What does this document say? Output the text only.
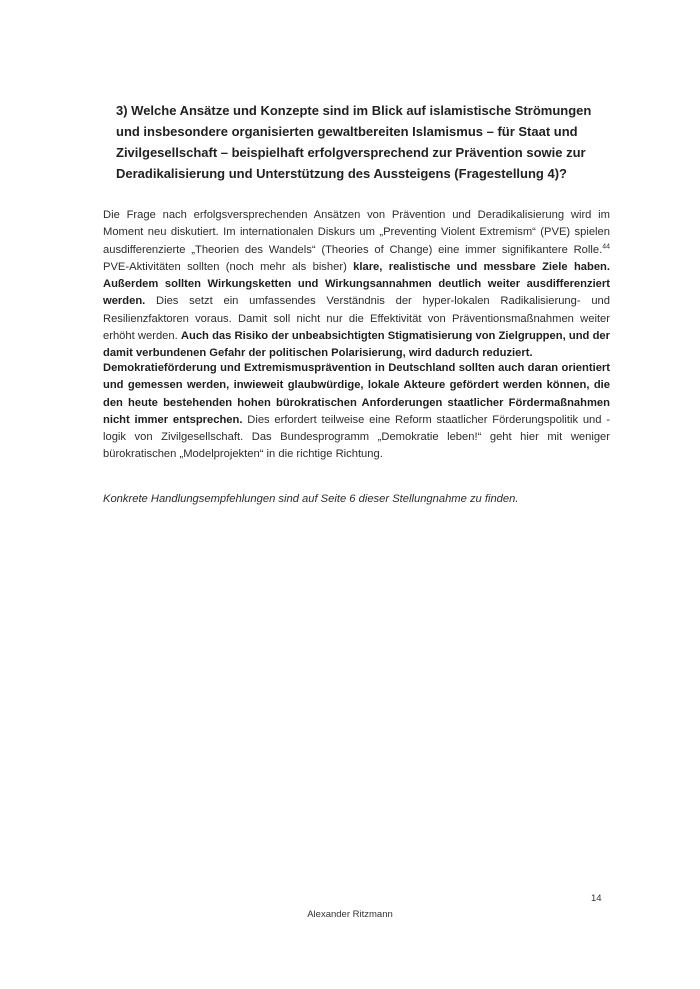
3) Welche Ansätze und Konzepte sind im Blick auf islamistische Strömungen und insbesondere organisierten gewaltbereiten Islamismus – für Staat und Zivilgesellschaft – beispielhaft erfolgversprechend zur Prävention sowie zur Deradikalisierung und Unterstützung des Aussteigens (Fragestellung 4)?

Die Frage nach erfolgsversprechenden Ansätzen von Prävention und Deradikalisierung wird im Moment neu diskutiert. Im internationalen Diskurs um „Preventing Violent Extremism“ (PVE) spielen ausdifferenzierte „Theorien des Wandels“ (Theories of Change) eine immer signifikantere Rolle.$^{44}$ PVE-Aktivitäten sollten (noch mehr als bisher) klare, realistische und messbare Ziele haben. Außerdem sollten Wirkungsketten und Wirkungsannahmen deutlich weiter ausdifferenziert werden. Dies setzt ein umfassendes Verständnis der hyper-lokalen Radikalisierung- und Resilienzfaktoren voraus. Damit soll nicht nur die Effektivität von Präventionsmaßnahmen weiter erhöht werden. Auch das Risiko der unbeabsichtigten Stigmatisierung von Zielgruppen, und der damit verbundenen Gefahr der politischen Polarisierung, wird dadurch reduziert.

Demokratieförderung und Extremismusprävention in Deutschland sollten auch daran orientiert und gemessen werden, inwieweit glaubwürdige, lokale Akteure gefördert werden können, die den heute bestehenden hohen bürokratischen Anforderungen staatlicher Fördermaßnahmen nicht immer entsprechen. Dies erfordert teilweise eine Reform staatlicher Förderungspolitik und -logik von Zivilgesellschaft. Das Bundesprogramm „Demokratie leben!“ geht hier mit weniger bürokratischen „Modelprojekten“ in die richtige Richtung.

Konkrete Handlungsempfehlungen sind auf Seite 6 dieser Stellungnahme zu finden.

14
Alexander Ritzmann
